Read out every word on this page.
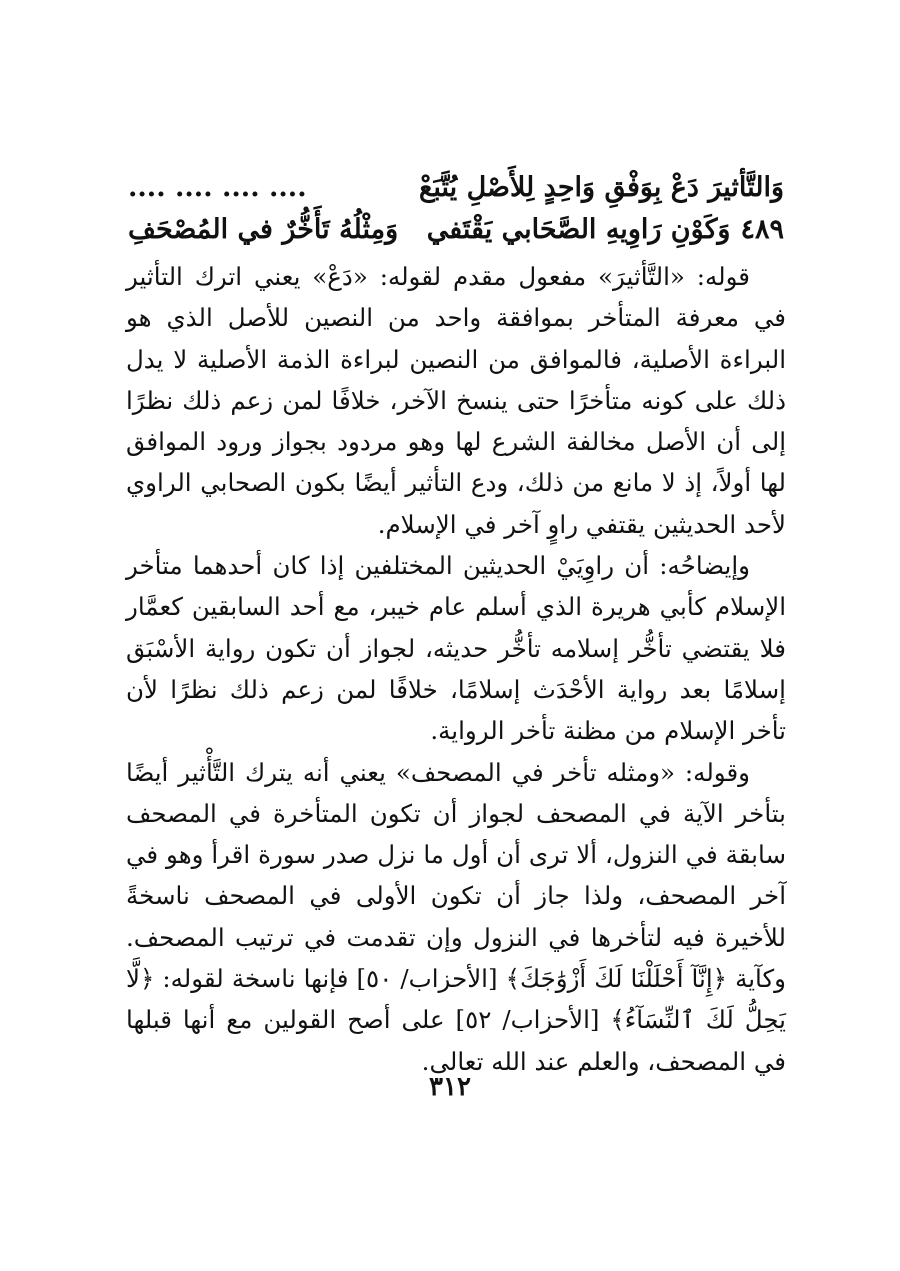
وَالتَّأثيرَ دَعْ بِوَفْقِ وَاحِدٍ لِلأَصْلِ يُتَّبَعْ
.... .... .... ....
٤٨٩وَكَوْنِ رَاوِيهِ الصَّحَابي يَقْتَفي
وَمِثْلُهُ تَأَخُّرٌ في المُصْحَفِ

قوله: «التَّأثيرَ» مفعول مقدم لقوله: «دَعْ» يعني اترك التأثير في معرفة المتأخر بموافقة واحد من النصين للأصل الذي هو البراءة الأصلية، فالموافق من النصين لبراءة الذمة الأصلية لا يدل ذلك على كونه متأخرًا حتى ينسخ الآخر، خلافًا لمن زعم ذلك نظرًا إلى أن الأصل مخالفة الشرع لها وهو مردود بجواز ورود الموافق لها أولاً، إذ لا مانع من ذلك، ودع التأثير أيضًا بكون الصحابي الراوي لأحد الحديثين يقتفي راوٍ آخر في الإسلام.

وإيضاحُه: أن راوِيَيْ الحديثين المختلفين إذا كان أحدهما متأخر الإسلام كأبي هريرة الذي أسلم عام خيبر، مع أحد السابقين كعمَّار فلا يقتضي تأخُّر إسلامه تأخُّر حديثه، لجواز أن تكون رواية الأسْبَق إسلامًا بعد رواية الأحْدَث إسلامًا، خلافًا لمن زعم ذلك نظرًا لأن تأخر الإسلام من مظنة تأخر الرواية.

وقوله: «ومثله تأخر في المصحف» يعني أنه يترك التَّأْثير أيضًا بتأخر الآية في المصحف لجواز أن تكون المتأخرة في المصحف سابقة في النزول، ألا ترى أن أول ما نزل صدر سورة اقرأ وهو في آخر المصحف، ولذا جاز أن تكون الأولى في المصحف ناسخةً للأخيرة فيه لتأخرها في النزول وإن تقدمت في ترتيب المصحف. وكآية ﴿إِنَّآ أَحْلَلْنَا لَكَ أَزْوَٰجَكَ﴾ [الأحزاب/ ٥٠] فإنها ناسخة لقوله: ﴿لَّا يَحِلُّ لَكَ ٱلنِّسَآءُ﴾ [الأحزاب/ ٥٢] على أصح القولين مع أنها قبلها في المصحف، والعلم عند الله تعالى.

٣١٢
